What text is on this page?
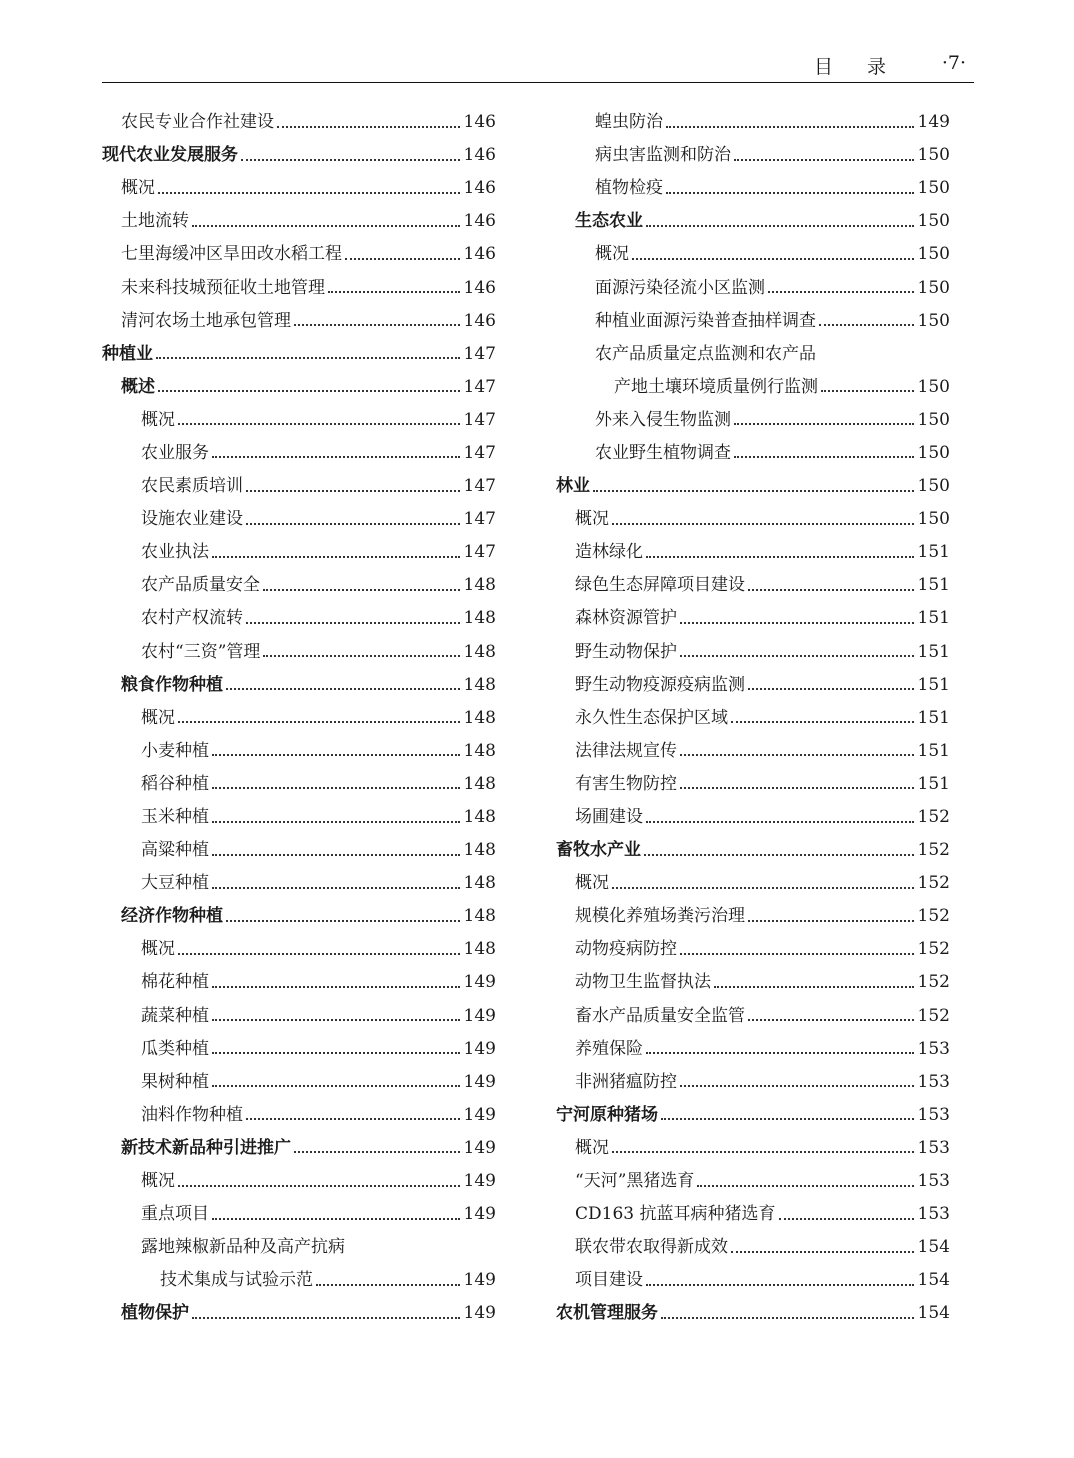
目 录 ·7·
农民专业合作社建设	146
现代农业发展服务	146
概况	146
土地流转	146
七里海缓冲区旱田改水稻工程	146
未来科技城预征收土地管理	146
清河农场土地承包管理	146
种植业	147
概述	147
概况	147
农业服务	147
农民素质培训	147
设施农业建设	147
农业执法	147
农产品质量安全	148
农村产权流转	148
农村“三资”管理	148
粮食作物种植	148
概况	148
小麦种植	148
稻谷种植	148
玉米种植	148
高粱种植	148
大豆种植	148
经济作物种植	148
概况	148
棉花种植	149
蔬菜种植	149
瓜类种植	149
果树种植	149
油料作物种植	149
新技术新品种引进推广	149
概况	149
重点项目	149
露地辣椒新品种及高产抗病
技术集成与试验示范	149
植物保护	149
蝗虫防治	149
病虫害监测和防治	150
植物检疫	150
生态农业	150
概况	150
面源污染径流小区监测	150
种植业面源污染普查抽样调查	150
农产品质量定点监测和农产品
产地土壤环境质量例行监测	150
外来入侵生物监测	150
农业野生植物调查	150
林业	150
概况	150
造林绿化	151
绿色生态屏障项目建设	151
森林资源管护	151
野生动物保护	151
野生动物疫源疫病监测	151
永久性生态保护区域	151
法律法规宣传	151
有害生物防控	151
场圃建设	152
畜牧水产业	152
概况	152
规模化养殖场粪污治理	152
动物疫病防控	152
动物卫生监督执法	152
畜水产品质量安全监管	152
养殖保险	153
非洲猪瘟防控	153
宁河原种猪场	153
概况	153
“天河”黑猪选育	153
CD163 抗蓝耳病种猪选育	153
联农带农取得新成效	154
项目建设	154
农机管理服务	154
